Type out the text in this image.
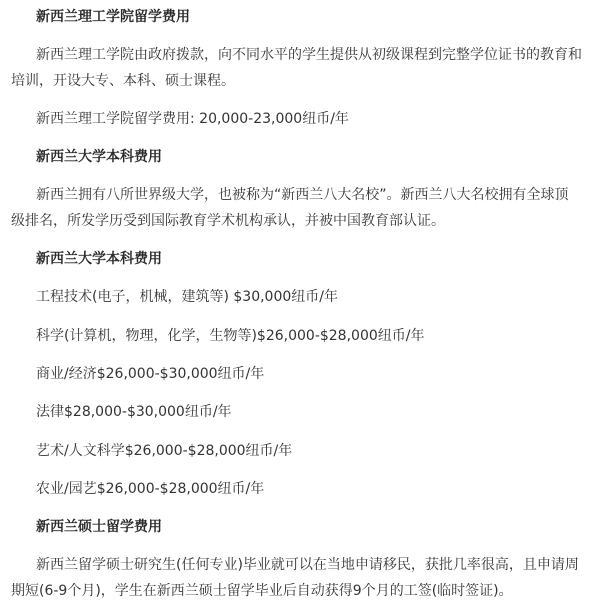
新西兰理工学院留学费用
新西兰理工学院由政府拨款，向不同水平的学生提供从初级课程到完整学位证书的教育和
培训，开设大专、本科、硕士课程。
新西兰理工学院留学费用: 20,000-23,000纽币/年
新西兰大学本科费用
新西兰拥有八所世界级大学，也被称为“新西兰八大名校”。新西兰八大名校拥有全球顶
级排名，所发学历受到国际教育学术机构承认，并被中国教育部认证。
新西兰大学本科费用
工程技术(电子，机械，建筑等) $30,000纽币/年
科学(计算机，物理，化学，生物等)$26,000-$28,000纽币/年
商业/经济$26,000-$30,000纽币/年
法律$28,000-$30,000纽币/年
艺术/人文科学$26,000-$28,000纽币/年
农业/园艺$26,000-$28,000纽币/年
新西兰硕士留学费用
新西兰留学硕士研究生(任何专业)毕业就可以在当地申请移民，获批几率很高，且申请周
期短(6-9个月)，学生在新西兰硕士留学毕业后自动获得9个月的工签(临时签证)。
